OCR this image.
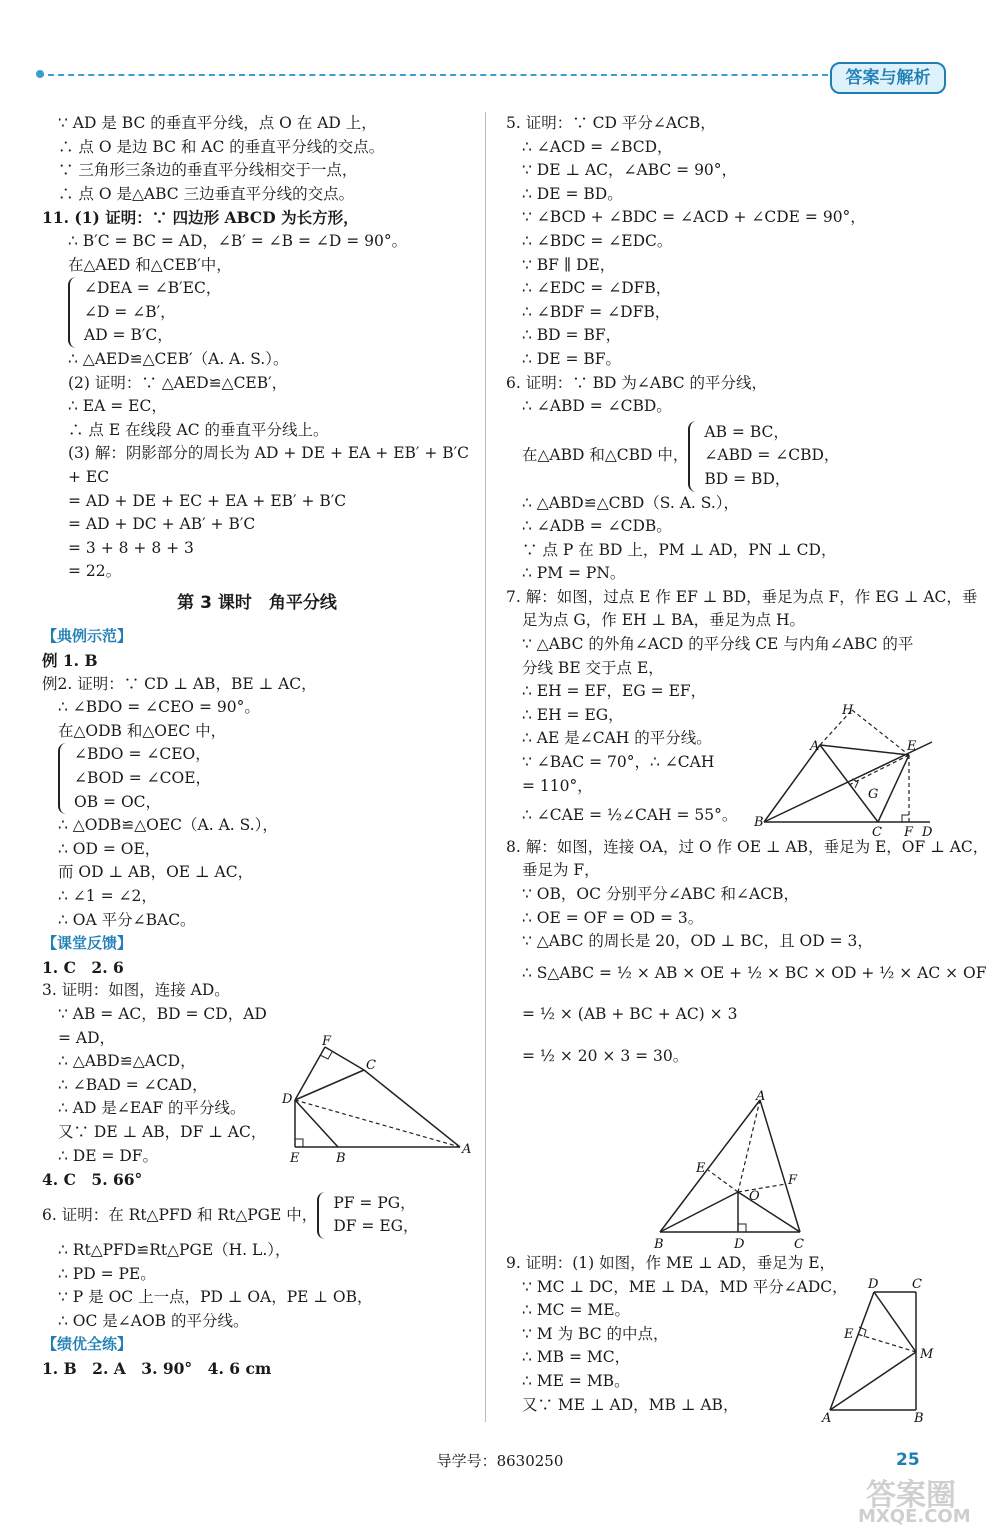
答案与解析
∵ AD 是 BC 的垂直平分线，点 O 在 AD 上，
∴ 点 O 是边 BC 和 AC 的垂直平分线的交点。
∵ 三角形三条边的垂直平分线相交于一点，
∴ 点 O 是△ABC 三边垂直平分线的交点。
11. (1) 证明：∵ 四边形 ABCD 为长方形，
∴ B′C = BC = AD，∠B′ = ∠B = ∠D = 90°。
在△AED 和△CEB′中，
∠DEA = ∠B′EC，
∠D = ∠B′，
AD = B′C，
∴ △AED≌△CEB′（A. A. S.）。
(2) 证明：∵ △AED≌△CEB′，
∴ EA = EC，
∴ 点 E 在线段 AC 的垂直平分线上。
(3) 解：阴影部分的周长为 AD + DE + EA + EB′ + B′C
+ EC
= AD + DE + EC + EA + EB′ + B′C
= AD + DC + AB′ + B′C
= 3 + 8 + 8 + 3
= 22。
第 3 课时　角平分线
【典例示范】
例 1. B
例2. 证明：∵ CD ⊥ AB，BE ⊥ AC，
∴ ∠BDO = ∠CEO = 90°。
在△ODB 和△OEC 中，
∠BDO = ∠CEO，
∠BOD = ∠COE，
OB = OC，
∴ △ODB≌△OEC（A. A. S.），
∴ OD = OE，
而 OD ⊥ AB，OE ⊥ AC，
∴ ∠1 = ∠2，
∴ OA 平分∠BAC。
【课堂反馈】
1. C　2. 6
3. 证明：如图，连接 AD。
∵ AB = AC，BD = CD，AD
= AD，
∴ △ABD≌△ACD，
∴ ∠BAD = ∠CAD，
∴ AD 是∠EAF 的平分线。
又∵ DE ⊥ AB，DF ⊥ AC，
∴ DE = DF。
4. C　5. 66°
6. 证明：在 Rt△PFD 和 Rt△PGE 中，
PF = PG，
DF = EG，
∴ Rt△PFD≌Rt△PGE（H. L.），
∴ PD = PE。
∵ P 是 OC 上一点，PD ⊥ OA，PE ⊥ OB，
∴ OC 是∠AOB 的平分线。
【绩优全练】
1. B　2. A　3. 90°　4. 6 cm
F
C
D
E	B
A
5. 证明：∵ CD 平分∠ACB，
∴ ∠ACD = ∠BCD，
∵ DE ⊥ AC，∠ABC = 90°，
∴ DE = BD。
∵ ∠BCD + ∠BDC = ∠ACD + ∠CDE = 90°，
∴ ∠BDC = ∠EDC。
∵ BF ∥ DE，
∴ ∠EDC = ∠DFB，
∴ ∠BDF = ∠DFB，
∴ BD = BF，
∴ DE = BF。
6. 证明：∵ BD 为∠ABC 的平分线，
∴ ∠ABD = ∠CBD。
在△ABD 和△CBD 中，
AB = BC，
∠ABD = ∠CBD，
BD = BD，
∴ △ABD≌△CBD（S. A. S.），
∴ ∠ADB = ∠CDB。
∵ 点 P 在 BD 上，PM ⊥ AD，PN ⊥ CD，
∴ PM = PN。
7. 解：如图，过点 E 作 EF ⊥ BD，垂足为点 F，作 EG ⊥ AC，垂
足为点 G，作 EH ⊥ BA，垂足为点 H。
∵ △ABC 的外角∠ACD 的平分线 CE 与内角∠ABC 的平
分线 BE 交于点 E，
∴ EH = EF，EG = EF，
∴ EH = EG，
∴ AE 是∠CAH 的平分线。
∵ ∠BAC = 70°，∴ ∠CAH
= 110°，
∴ ∠CAE = ½∠CAH = 55°。
8. 解：如图，连接 OA，过 O 作 OE ⊥ AB，垂足为 E，OF ⊥ AC，
垂足为 F，
∵ OB，OC 分别平分∠ABC 和∠ACB，
∴ OE = OF = OD = 3。
∵ △ABC 的周长是 20，OD ⊥ BC，且 OD = 3，
∴ S△ABC = ½ × AB × OE + ½ × BC × OD + ½ × AC × OF
= ½ × (AB + BC + AC) × 3
= ½ × 20 × 3 = 30。
9. 证明：(1) 如图，作 ME ⊥ AD，垂足为 E，
∵ MC ⊥ DC，ME ⊥ DA，MD 平分∠ADC，
∴ MC = ME。
∵ M 为 BC 的中点，
∴ MB = MC，
∴ ME = MB。
又∵ ME ⊥ AD，MB ⊥ AB，
H
A	E
G
B
C F D
A
E
F
O
B	D	C
D	C
E
M
A	B
导学号：8630250	25
答案圈
MXQE.COM
